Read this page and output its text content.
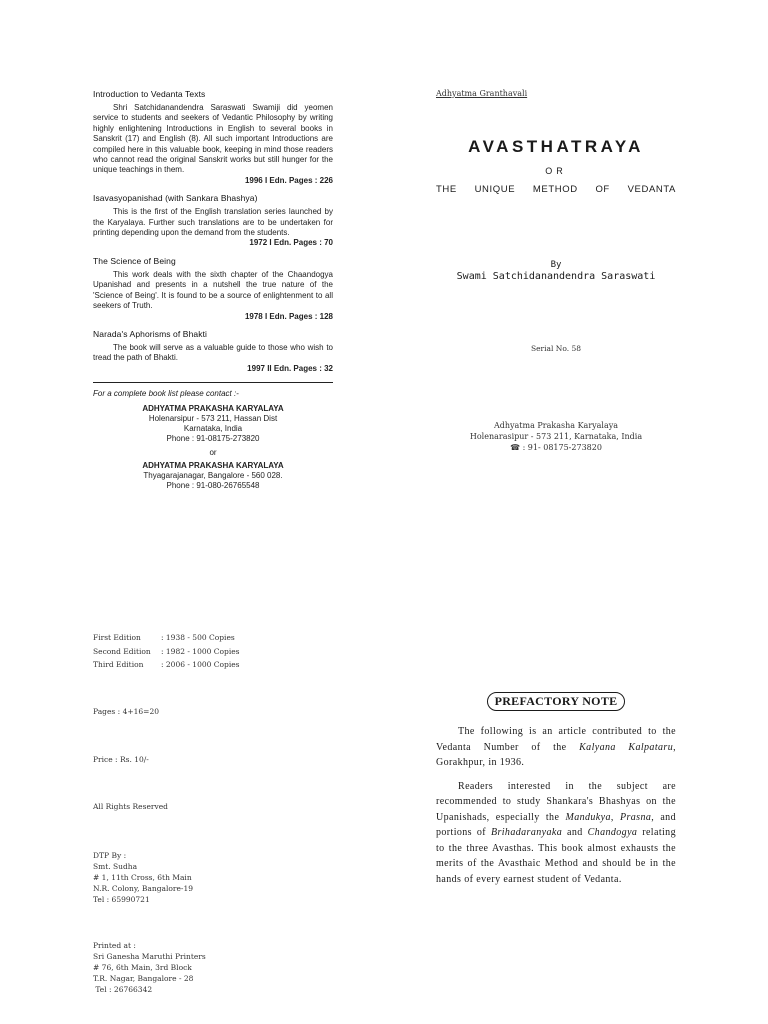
Introduction to Vedanta Texts

Shri Satchidanandendra Saraswati Swamiji did yeomen service to students and seekers of Vedantic Philosophy by writing highly enlightening Introductions in English to several books in Sanskrit (17) and English (8). All such important Introductions are compiled here in this valuable book, keeping in mind those readers who cannot read the original Sanskrit works but still hunger for the unique teachings in them.

1996 I Edn. Pages : 226

Isavasyopanishad (with Sankara Bhashya)

This is the first of the English translation series launched by the Karyalaya. Further such translations are to be undertaken for printing depending upon the demand from the students.

1972 I Edn. Pages : 70

The Science of Being

This work deals with the sixth chapter of the Chaandogya Upanishad and presents in a nutshell the true nature of the 'Science of Being'. It is found to be a source of enlightenment to all seekers of Truth.

1978 I Edn. Pages : 128

Narada's Aphorisms of Bhakti

The book will serve as a valuable guide to those who wish to tread the path of Bhakti.

1997 II Edn. Pages : 32

For a complete book list please contact :-

ADHYATMA PRAKASHA KARYALAYA
Holenarsipur - 573 211, Hassan Dist
Karnataka, India
Phone : 91-08175-273820
or
ADHYATMA PRAKASHA KARYALAYA
Thyagarajanagar, Bangalore - 560 028.
Phone : 91-080-26765548
First Edition	: 1938 - 500 Copies
Second Edition	: 1982 - 1000 Copies
Third Edition	: 2006 - 1000 Copies
Pages : 4+16=20
Price : Rs. 10/-
All Rights Reserved
DTP By :
Smt. Sudha
# 1, 11th Cross, 6th Main
N.R. Colony, Bangalore-19
Tel : 65990721
Printed at :
Sri Ganesha Maruthi Printers
# 76, 6th Main, 3rd Block
T.R. Nagar, Bangalore - 28
Tel : 26766342
Adhyatma Granthavali
AVASTHATRAYA
OR
THE UNIQUE METHOD OF VEDANTA
By
Swami Satchidanandendra Saraswati
Serial No. 58
Adhyatma Prakasha Karyalaya
Holenarasipur - 573 211, Karnataka, India
☎ : 91- 08175-273820
PREFACTORY NOTE

The following is an article contributed to the Vedanta Number of the Kalyana Kalpataru, Gorakhpur, in 1936.

Readers interested in the subject are recommended to study Shankara's Bhashyas on the Upanishads, especially the Mandukya, Prasna, and portions of Brihadaranyaka and Chandogya relating to the three Avasthas. This book almost exhausts the merits of the Avasthaic Method and should be in the hands of every earnest student of Vedanta.
